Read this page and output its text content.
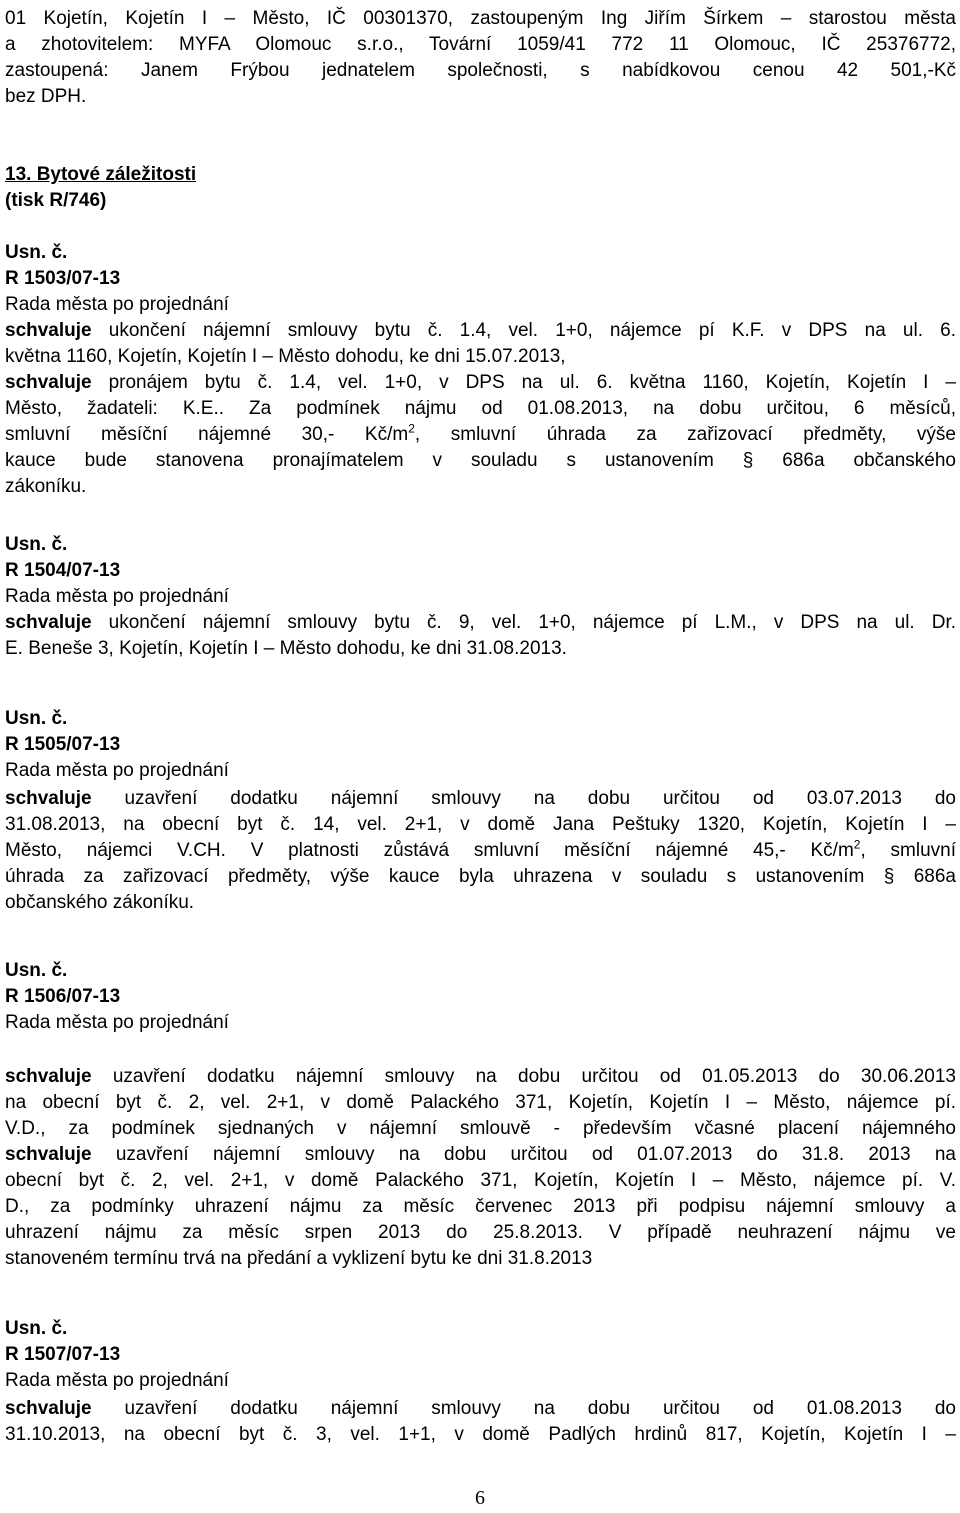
01 Kojetín, Kojetín I – Město, IČ 00301370, zastoupeným Ing Jiřím Šírkem – starostou města
a zhotovitelem: MYFA Olomouc s.r.o., Tovární 1059/41 772 11 Olomouc, IČ 25376772,
zastoupená: Janem Frýbou jednatelem společnosti, s nabídkovou cenou 42 501,-Kč
bez DPH.
13. Bytové záležitosti
(tisk R/746)
Usn. č.
R 1503/07-13
Rada města po projednání
schvaluje ukončení nájemní smlouvy bytu č. 1.4, vel. 1+0, nájemce pí K.F. v DPS na ul. 6.
května 1160, Kojetín, Kojetín I – Město dohodu, ke dni 15.07.2013,
schvaluje pronájem bytu č. 1.4, vel. 1+0, v DPS na ul. 6. května 1160, Kojetín, Kojetín I –
Město, žadateli: K.E.. Za podmínek nájmu od 01.08.2013, na dobu určitou, 6 měsíců,
smluvní měsíční nájemné 30,- $Kč/m^2$, smluvní úhrada za zařizovací předměty, výše
kauce bude stanovena pronajímatelem v souladu s ustanovením § 686a občanského
zákoníku.
Usn. č.
R 1504/07-13
Rada města po projednání
schvaluje ukončení nájemní smlouvy bytu č. 9, vel. 1+0, nájemce pí L.M., v DPS na ul. Dr.
E. Beneše 3, Kojetín, Kojetín I – Město dohodu, ke dni 31.08.2013.
Usn. č.
R 1505/07-13
Rada města po projednání
schvaluje uzavření dodatku nájemní smlouvy na dobu určitou od 03.07.2013 do
31.08.2013, na obecní byt č. 14, vel. 2+1, v domě Jana Peštuky 1320, Kojetín, Kojetín I –
Město, nájemci V.CH. V platnosti zůstává smluvní měsíční nájemné 45,- $Kč/m^2$, smluvní
úhrada za zařizovací předměty, výše kauce byla uhrazena v souladu s ustanovením § 686a
občanského zákoníku.
Usn. č.
R 1506/07-13
Rada města po projednání
schvaluje uzavření dodatku nájemní smlouvy na dobu určitou od 01.05.2013 do 30.06.2013
na obecní byt č. 2, vel. 2+1, v domě Palackého 371, Kojetín, Kojetín I – Město, nájemce pí.
V.D., za podmínek sjednaných v nájemní smlouvě - především včasné placení nájemného
schvaluje uzavření nájemní smlouvy na dobu určitou od 01.07.2013 do 31.8. 2013 na
obecní byt č. 2, vel. 2+1, v domě Palackého 371, Kojetín, Kojetín I – Město, nájemce pí. V.
D., za podmínky uhrazení nájmu za měsíc červenec 2013 při podpisu nájemní smlouvy a
uhrazení nájmu za měsíc srpen 2013 do 25.8.2013. V případě neuhrazení nájmu ve
stanoveném termínu trvá na předání a vyklizení bytu ke dni 31.8.2013
Usn. č.
R 1507/07-13
Rada města po projednání
schvaluje uzavření dodatku nájemní smlouvy na dobu určitou od 01.08.2013 do
31.10.2013, na obecní byt č. 3, vel. 1+1, v domě Padlých hrdinů 817, Kojetín, Kojetín I –
6
